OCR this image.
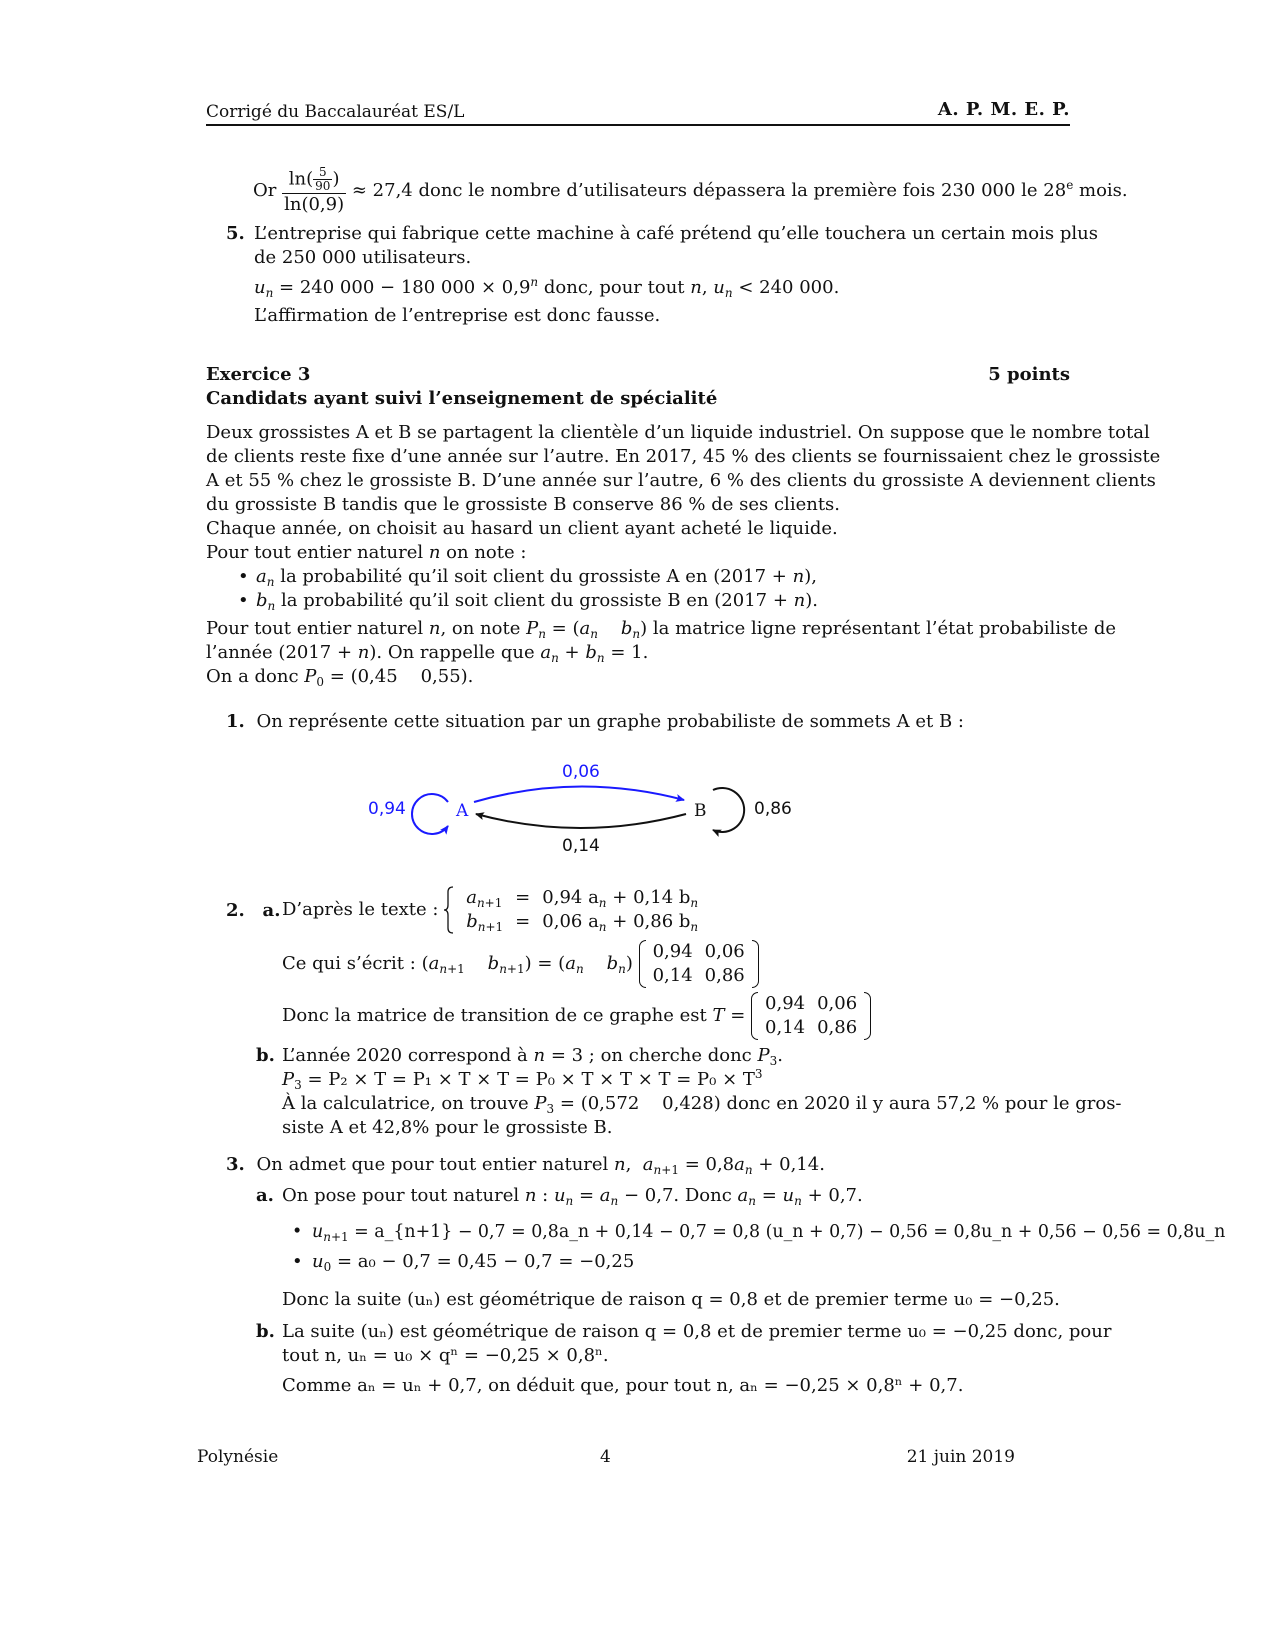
Corrigé du Baccalauréat ES/L	A. P. M. E. P.
Or $\frac{\ln( \frac{5}{90} )}{\ln(0,9)} \approx 27,4$ donc le nombre d’utilisateurs dépassera la première fois 230 000 le 28e mois.
5. L’entreprise qui fabrique cette machine à café prétend qu’elle touchera un certain mois plus
de 250 000 utilisateurs.
$u_n = 240$ 000 − 180 $000 \times 0,9^n$ donc, pour tout n, $u_n < 240$ 000.
L’affirmation de l’entreprise est donc fausse.
Exercice 3	5 points
Candidats ayant suivi l’enseignement de spécialité
Deux grossistes A et B se partagent la clientèle d’un liquide industriel. On suppose que le nombre total
de clients reste fixe d’une année sur l’autre. En 2017, 45 % des clients se fournissaient chez le grossiste
A et 55 % chez le grossiste B. D’une année sur l’autre, 6 % des clients du grossiste A deviennent clients
du grossiste B tandis que le grossiste B conserve 86 % de ses clients.
Chaque année, on choisit au hasard un client ayant acheté le liquide.
Pour tout entier naturel n on note :
• $a_n$ la probabilité qu’il soit client du grossiste A en (2017 + n),
• $b_n$ la probabilité qu’il soit client du grossiste B en (2017 + n).
Pour tout entier naturel n, on note $P_n = (a_n$ $b_n$) la matrice ligne représentant l’état probabiliste de
l’année (2017 + n). On rappelle que $a_n + b_n = 1$.
On a donc $P_0 = (0,45$ 0,55).
1. On représente cette situation par un graphe probabiliste de sommets A et B :
A	B
0,94	0,86
0,06
0,14
2. a. D’après le texte :
$a_{n+1}$	=	0,94 $a_n + 0,14$ $b_n$
$b_{n+1}$	=	0,06 $a_n + 0,86$ $b_n$
Ce qui s’écrit : ($a_{n+1}$ $b_{n+1}) = (a_n$ $b_n$)
0,94	0,06
0,14	0,86
Donc la matrice de transition de ce graphe est T =
0,94	0,06
0,14	0,86
b. L’année 2020 correspond à n = 3 ; on cherche donc $P_3$.
$P_3 = P_2 \times T = P_1 \times T \times T = P_0 \times T \times T \times T = P_0 \times T^3$
À la calculatrice, on trouve $P_3 = (0,572$ 0,428) donc en 2020 il y aura 57,2 % pour le gros-
siste A et 42,8% pour le grossiste B.
3. On admet que pour tout entier naturel n,  $a_{n+1} = 0,8a_n + 0,14$.
a. On pose pour tout naturel n : $u_n = a_n - 0,7$. Donc $a_n = u_n + 0,7$.
• $u_{n+1}$ = a_{n+1} − 0,7 = 0,8a_n + 0,14 − 0,7 = 0,8 (u_n + 0,7) − 0,56 = 0,8u_n + 0,56 − 0,56 = 0,8u_n
• $u_0 = a_0 - 0,7 = 0,45 - 0,7 = -0,25$
Donc la suite (uₙ) est géométrique de raison q = 0,8 et de premier terme u₀ = −0,25.
b. La suite (uₙ) est géométrique de raison q = 0,8 et de premier terme u₀ = −0,25 donc, pour
tout n, uₙ = u₀ × qⁿ = −0,25 × 0,8ⁿ.
Comme aₙ = uₙ + 0,7, on déduit que, pour tout n, aₙ = −0,25 × 0,8ⁿ + 0,7.
Polynésie	4	21 juin 2019
